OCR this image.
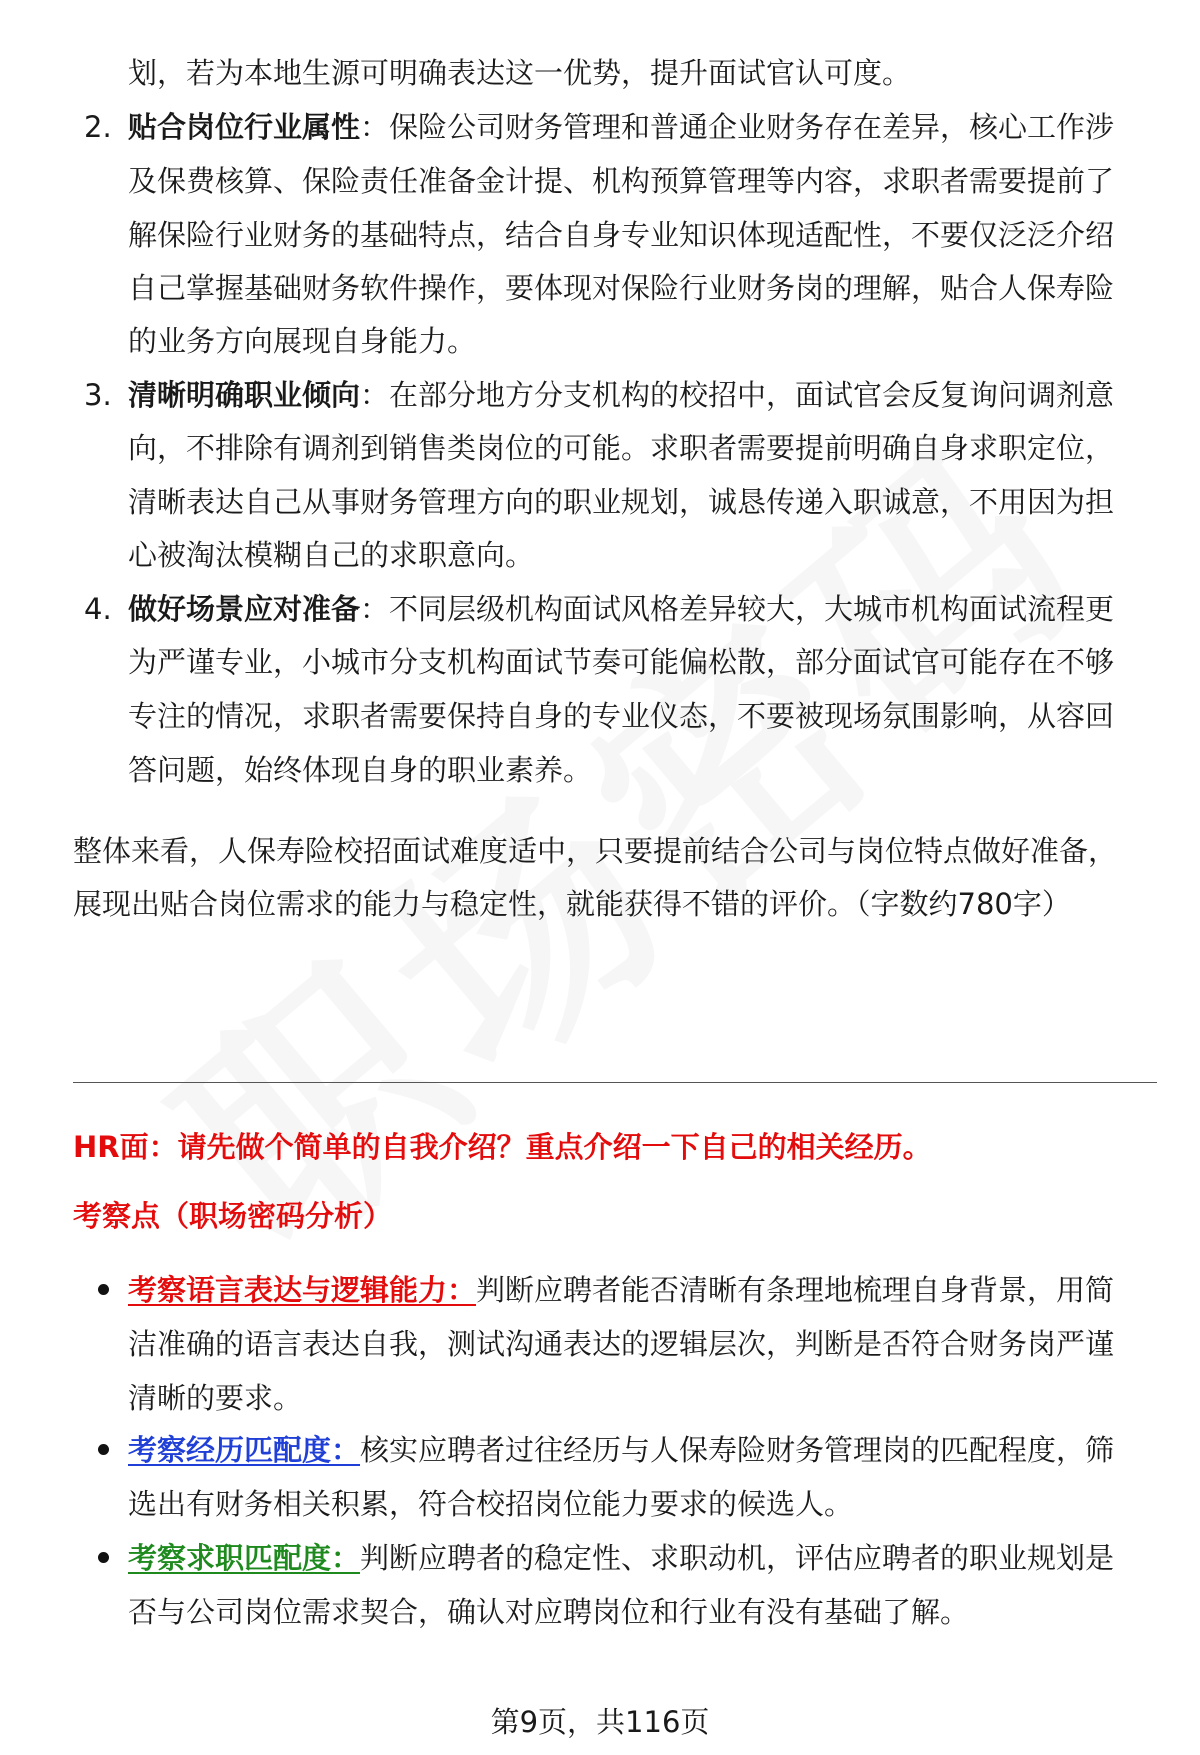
划，若为本地生源可明确表达这一优势，提升面试官认可度。
2. 贴合岗位行业属性：保险公司财务管理和普通企业财务存在差异，核心工作涉
及保费核算、保险责任准备金计提、机构预算管理等内容，求职者需要提前了
解保险行业财务的基础特点，结合自身专业知识体现适配性，不要仅泛泛介绍
自己掌握基础财务软件操作，要体现对保险行业财务岗的理解，贴合人保寿险
的业务方向展现自身能力。
3. 清晰明确职业倾向：在部分地方分支机构的校招中，面试官会反复询问调剂意
向，不排除有调剂到销售类岗位的可能。求职者需要提前明确自身求职定位，
清晰表达自己从事财务管理方向的职业规划，诚恳传递入职诚意，不用因为担
心被淘汰模糊自己的求职意向。
4. 做好场景应对准备：不同层级机构面试风格差异较大，大城市机构面试流程更
为严谨专业，小城市分支机构面试节奏可能偏松散，部分面试官可能存在不够
专注的情况，求职者需要保持自身的专业仪态，不要被现场氛围影响，从容回
答问题，始终体现自身的职业素养。
整体来看，人保寿险校招面试难度适中，只要提前结合公司与岗位特点做好准备，
展现出贴合岗位需求的能力与稳定性，就能获得不错的评价。（字数约780字）
HR面：请先做个简单的自我介绍？重点介绍一下自己的相关经历。
考察点（职场密码分析）
考察语言表达与逻辑能力：判断应聘者能否清晰有条理地梳理自身背景，用简
洁准确的语言表达自我，测试沟通表达的逻辑层次，判断是否符合财务岗严谨
清晰的要求。
考察经历匹配度：核实应聘者过往经历与人保寿险财务管理岗的匹配程度，筛
选出有财务相关积累，符合校招岗位能力要求的候选人。
考察求职匹配度：判断应聘者的稳定性、求职动机，评估应聘者的职业规划是
否与公司岗位需求契合，确认对应聘岗位和行业有没有基础了解。
第9页，共116页
